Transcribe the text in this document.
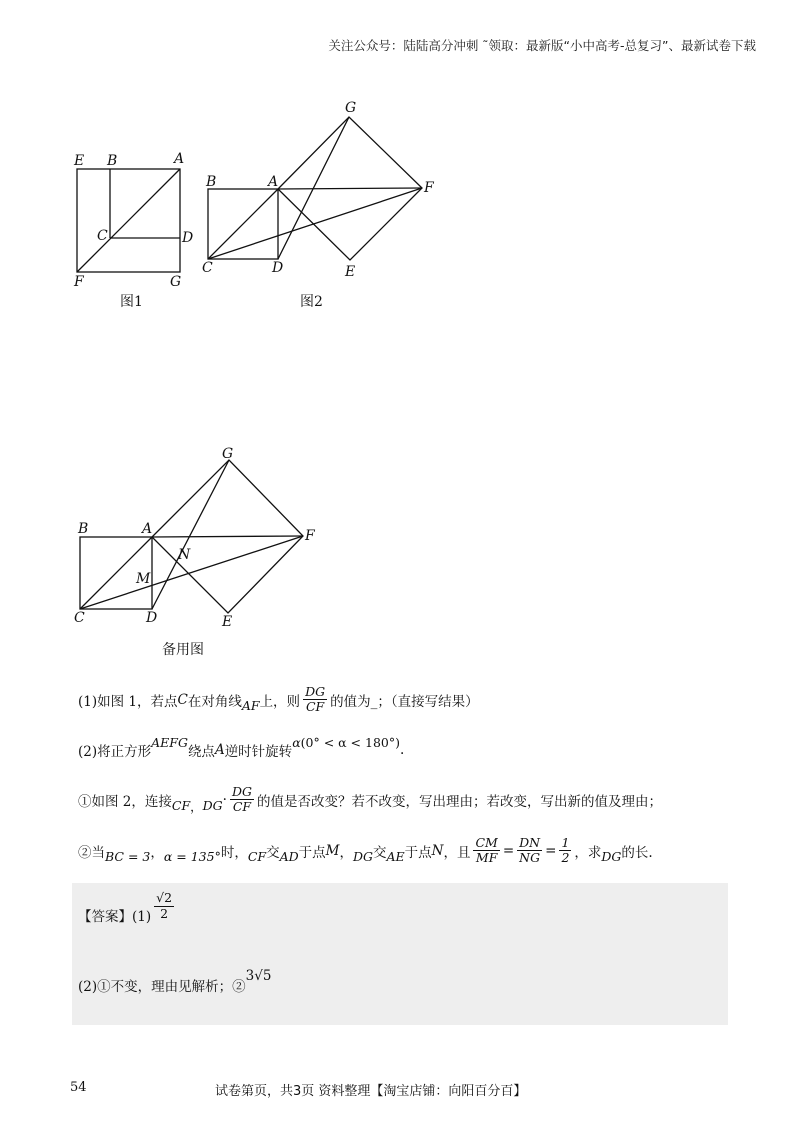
关注公众号：陆陆高分冲刺 ˜领取：最新版“小中高考-总复习”、最新试卷下载
E B	A
C	D
F	G
图1
G
B	A	F
C	D	E
图2
G
B	A	F
N
M
C	D	E
备用图
(1)如图 1，若点 C 在对角线 AF 上，则 $\frac{DG}{CF}$ 的值为_；（直接写结果）
(2)将正方形
AEFG
绕点 A 逆时针旋转
α (0° < α < 180°) .
①如图 2，连接 CF ， DG · $\frac{DG}{CF}$ 的值是否改变？若不改变，写出理由；若改变，写出新的值及理由；
②当 BC = 3 ， α = 135° 时， CF 交 AD 于点 M ， DG 交 AE 于点 N ，且 $\frac{CM}{MF} = \frac{DN}{NG} = \frac{1}{2}$ ，求 DG 的长.
【答案】$(1) \frac{√2}{2}$
(2)①不变，理由见解析；②
3√5
54	试卷第页，共3页 资料整理【淘宝店铺：向阳百分百】
